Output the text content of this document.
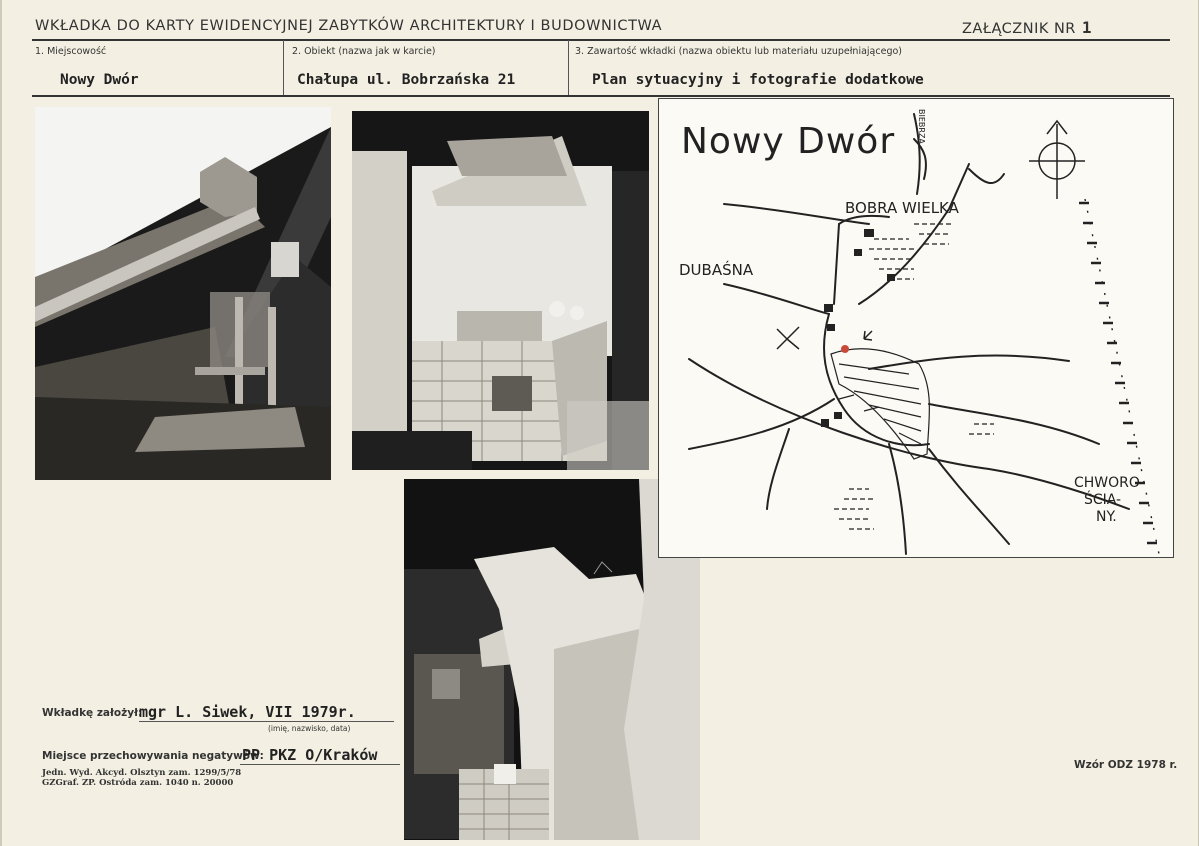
WKŁADKA DO KARTY EWIDENCYJNEJ ZABYTKÓW ARCHITEKTURY I BUDOWNICTWA	ZAŁĄCZNIK NR 1
1. Miejscowość	2. Obiekt (nazwa jak w karcie)	3. Zawartość wkładki (nazwa obiektu lub materiału uzupełniającego)
Nowy Dwór	Chałupa ul. Bobrzańska 21	Plan sytuacyjny i fotografie dodatkowe
Nowy Dwór	BIEBRZA
BOBRA WIELKA
DUBAŚNA
CHWORO-
ŚCIA-
NY.
Wkładkę założył:
mgr L. Siwek, VII 1979r.
(imię, nazwisko, data)
Miejsce przechowywania negatywów:
PP PKZ O/Kraków
Jedn. Wyd. Akcyd. Olsztyn zam. 1299/5/78
GZGraf. ZP. Ostróda zam. 1040 n. 20000
Wzór ODZ 1978 r.
